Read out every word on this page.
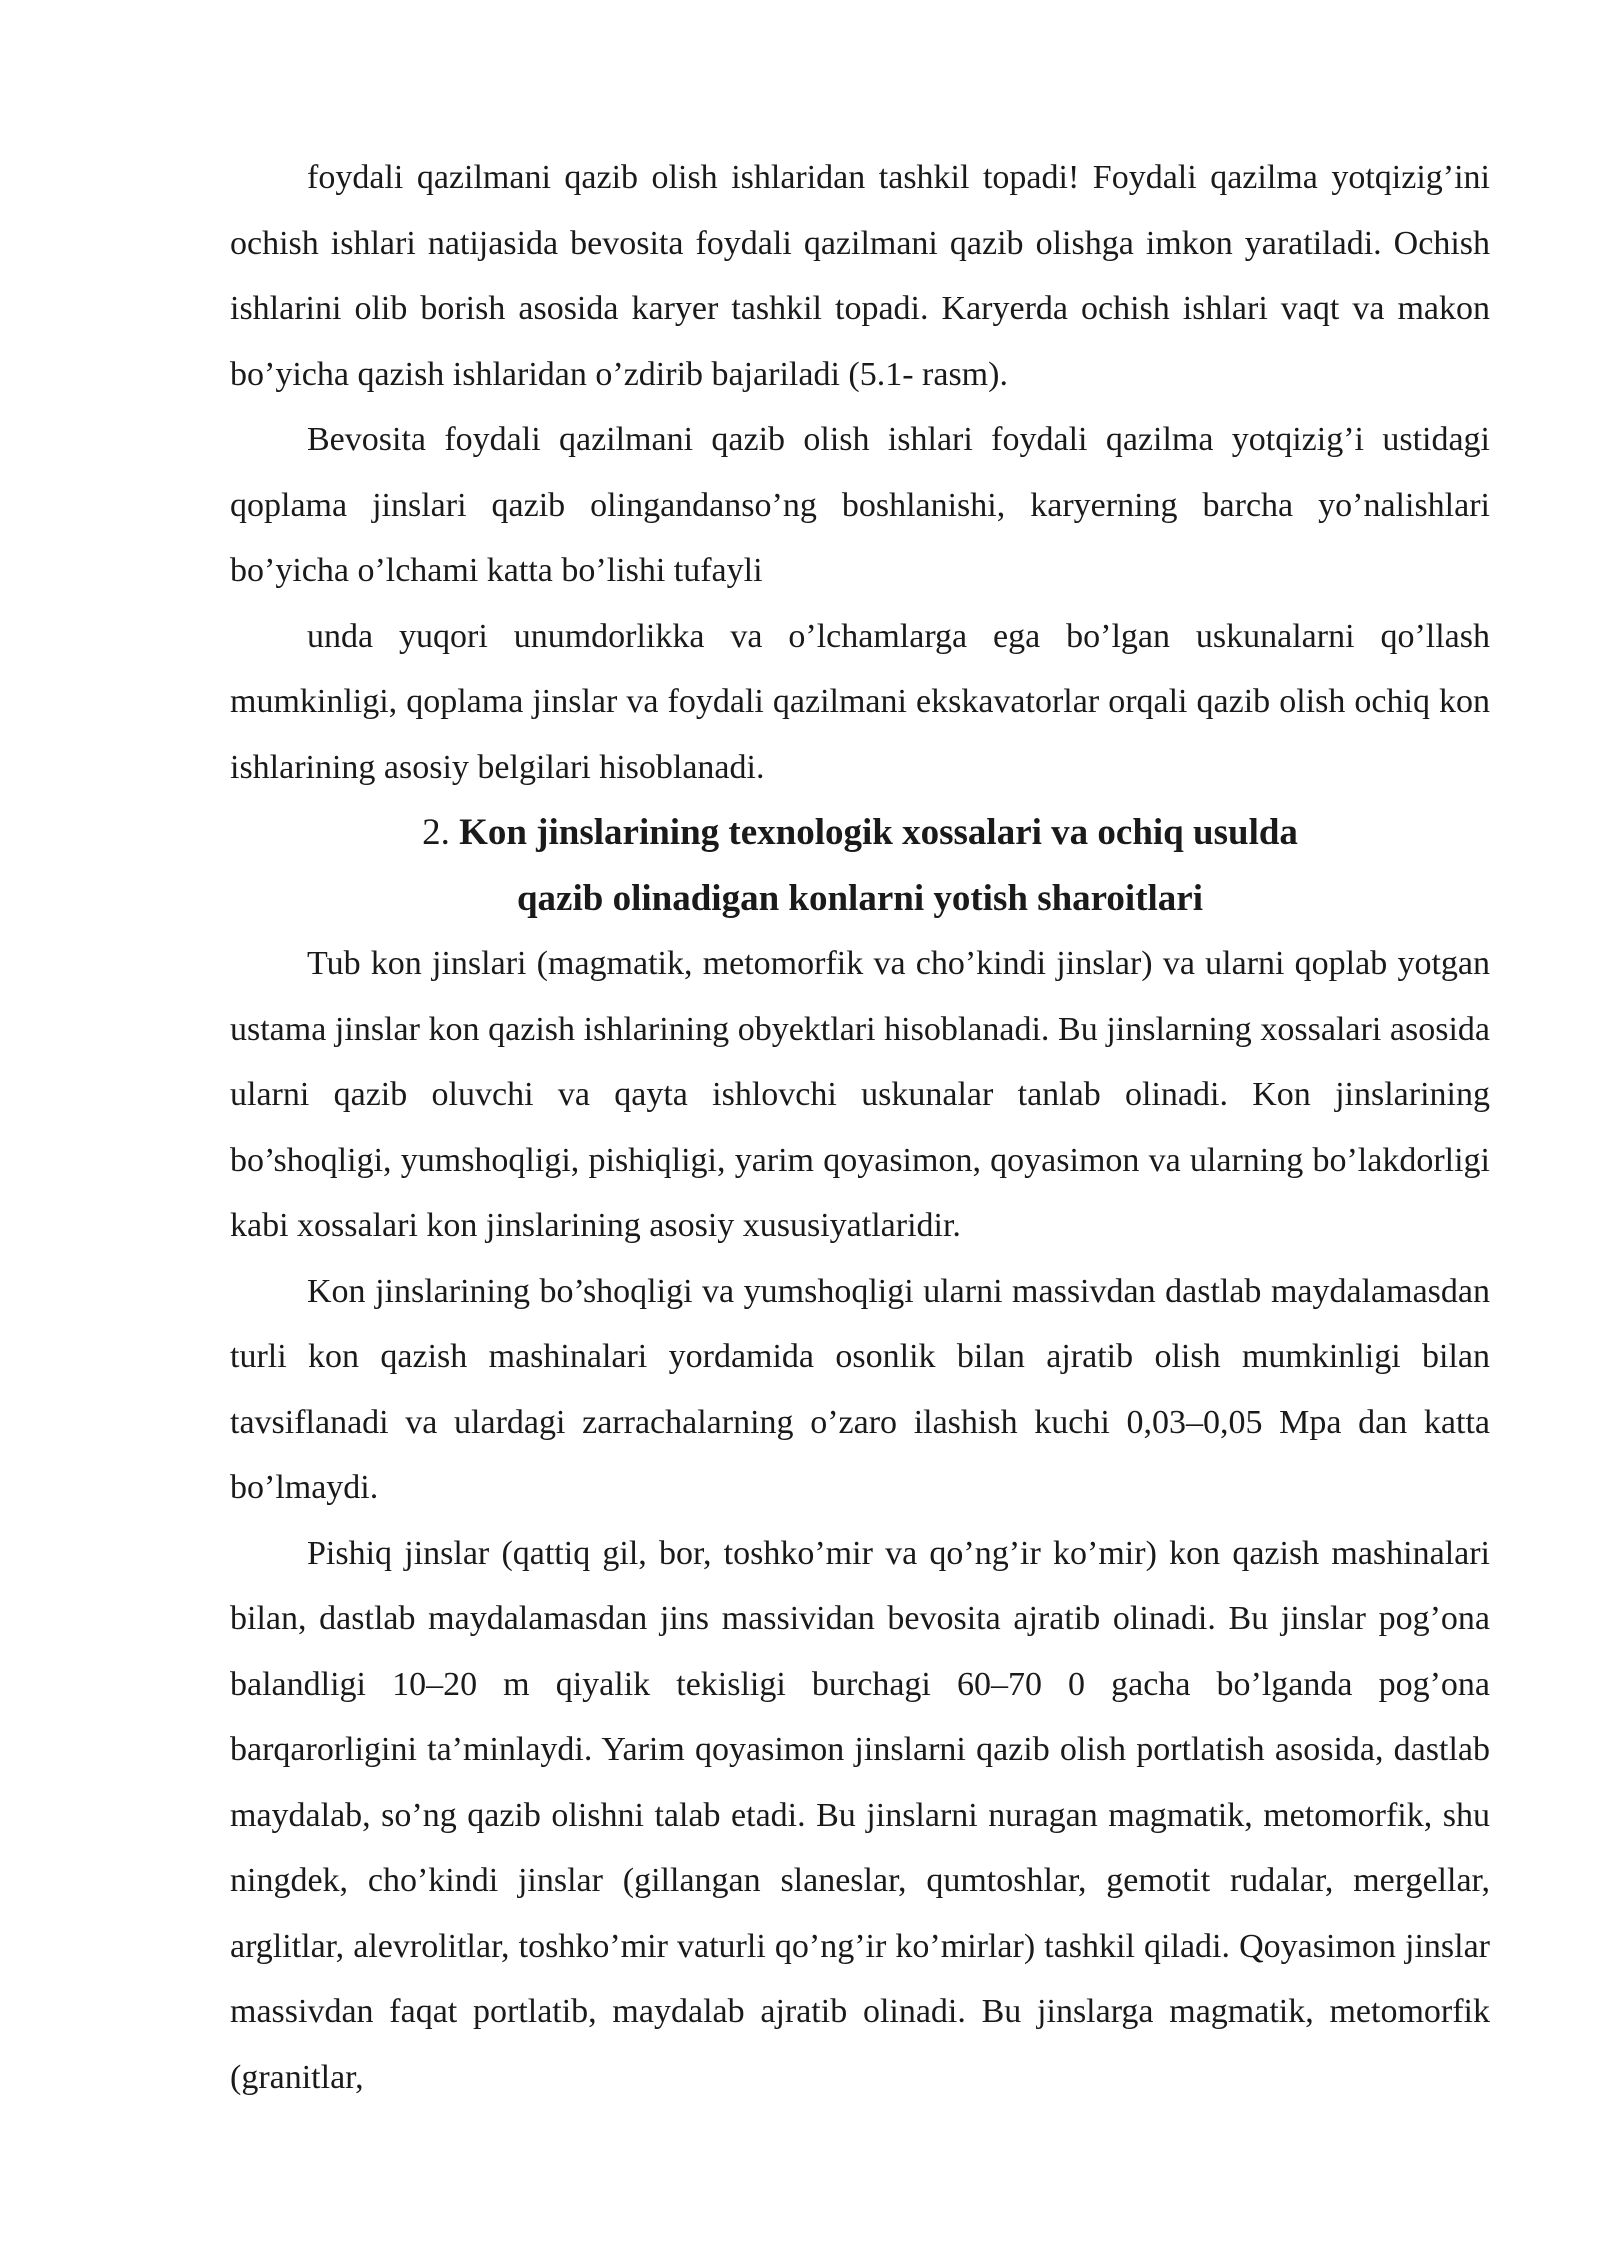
foydali qazilmani qazib olish ishlaridan tashkil topadi! Foydali qazilma yotqizig’ini ochish ishlari natijasida bevosita foydali qazilmani qazib olishga imkon yaratiladi. Ochish ishlarini olib borish asosida karyer tashkil topadi. Karyerda ochish ishlari vaqt va makon bo’yicha qazish ishlaridan o’zdirib bajariladi (5.1- rasm).

Bevosita foydali qazilmani qazib olish ishlari foydali qazilma yotqizig’i ustidagi qoplama jinslari qazib olingandanso’ng boshlanishi, karyerning barcha yo’nalishlari bo’yicha o’lchami katta bo’lishi tufayli

unda yuqori unumdorlikka va o’lchamlarga ega bo’lgan uskunalarni qo’llash mumkinligi, qoplama jinslar va foydali qazilmani ekskavatorlar orqali qazib olish ochiq kon ishlarining asosiy belgilari hisoblanadi.

2. Kon jinslarining texnologik xossalari va ochiq usulda
qazib olinadigan konlarni yotish sharoitlari

Tub kon jinslari (magmatik, metomorfik va cho’kindi jinslar) va ularni qoplab yotgan ustama jinslar kon qazish ishlarining obyektlari hisoblanadi. Bu jinslarning xossalari asosida ularni qazib oluvchi va qayta ishlovchi uskunalar tanlab olinadi. Kon jinslarining bo’shoqligi, yumshoqligi, pishiqligi, yarim qoyasimon, qoyasimon va ularning bo’lakdorligi kabi xossalari kon jinslarining asosiy xususiyatlaridir.

Kon jinslarining bo’shoqligi va yumshoqligi ularni massivdan dastlab maydalamasdan turli kon qazish mashinalari yordamida osonlik bilan ajratib olish mumkinligi bilan tavsiflanadi va ulardagi zarrachalarning o’zaro ilashish kuchi 0,03–0,05 Mpa dan katta bo’lmaydi.

Pishiq jinslar (qattiq gil, bor, toshko’mir va qo’ng’ir ko’mir) kon qazish mashinalari bilan, dastlab maydalamasdan jins massividan bevosita ajratib olinadi. Bu jinslar pog’ona balandligi 10–20 m qiyalik tekisligi burchagi 60–70 0 gacha bo’lganda pog’ona barqarorligini ta’minlaydi. Yarim qoyasimon jinslarni qazib olish portlatish asosida, dastlab maydalab, so’ng qazib olishni talab etadi. Bu jinslarni nuragan magmatik, metomorfik, shu ningdek, cho’kindi jinslar (gillangan slaneslar, qumtoshlar, gemotit rudalar, mergellar, arglitlar, alevrolitlar, toshko’mir vaturli qo’ng’ir ko’mirlar) tashkil qiladi. Qoyasimon jinslar massivdan faqat portlatib, maydalab ajratib olinadi. Bu jinslarga magmatik, metomorfik (granitlar,
